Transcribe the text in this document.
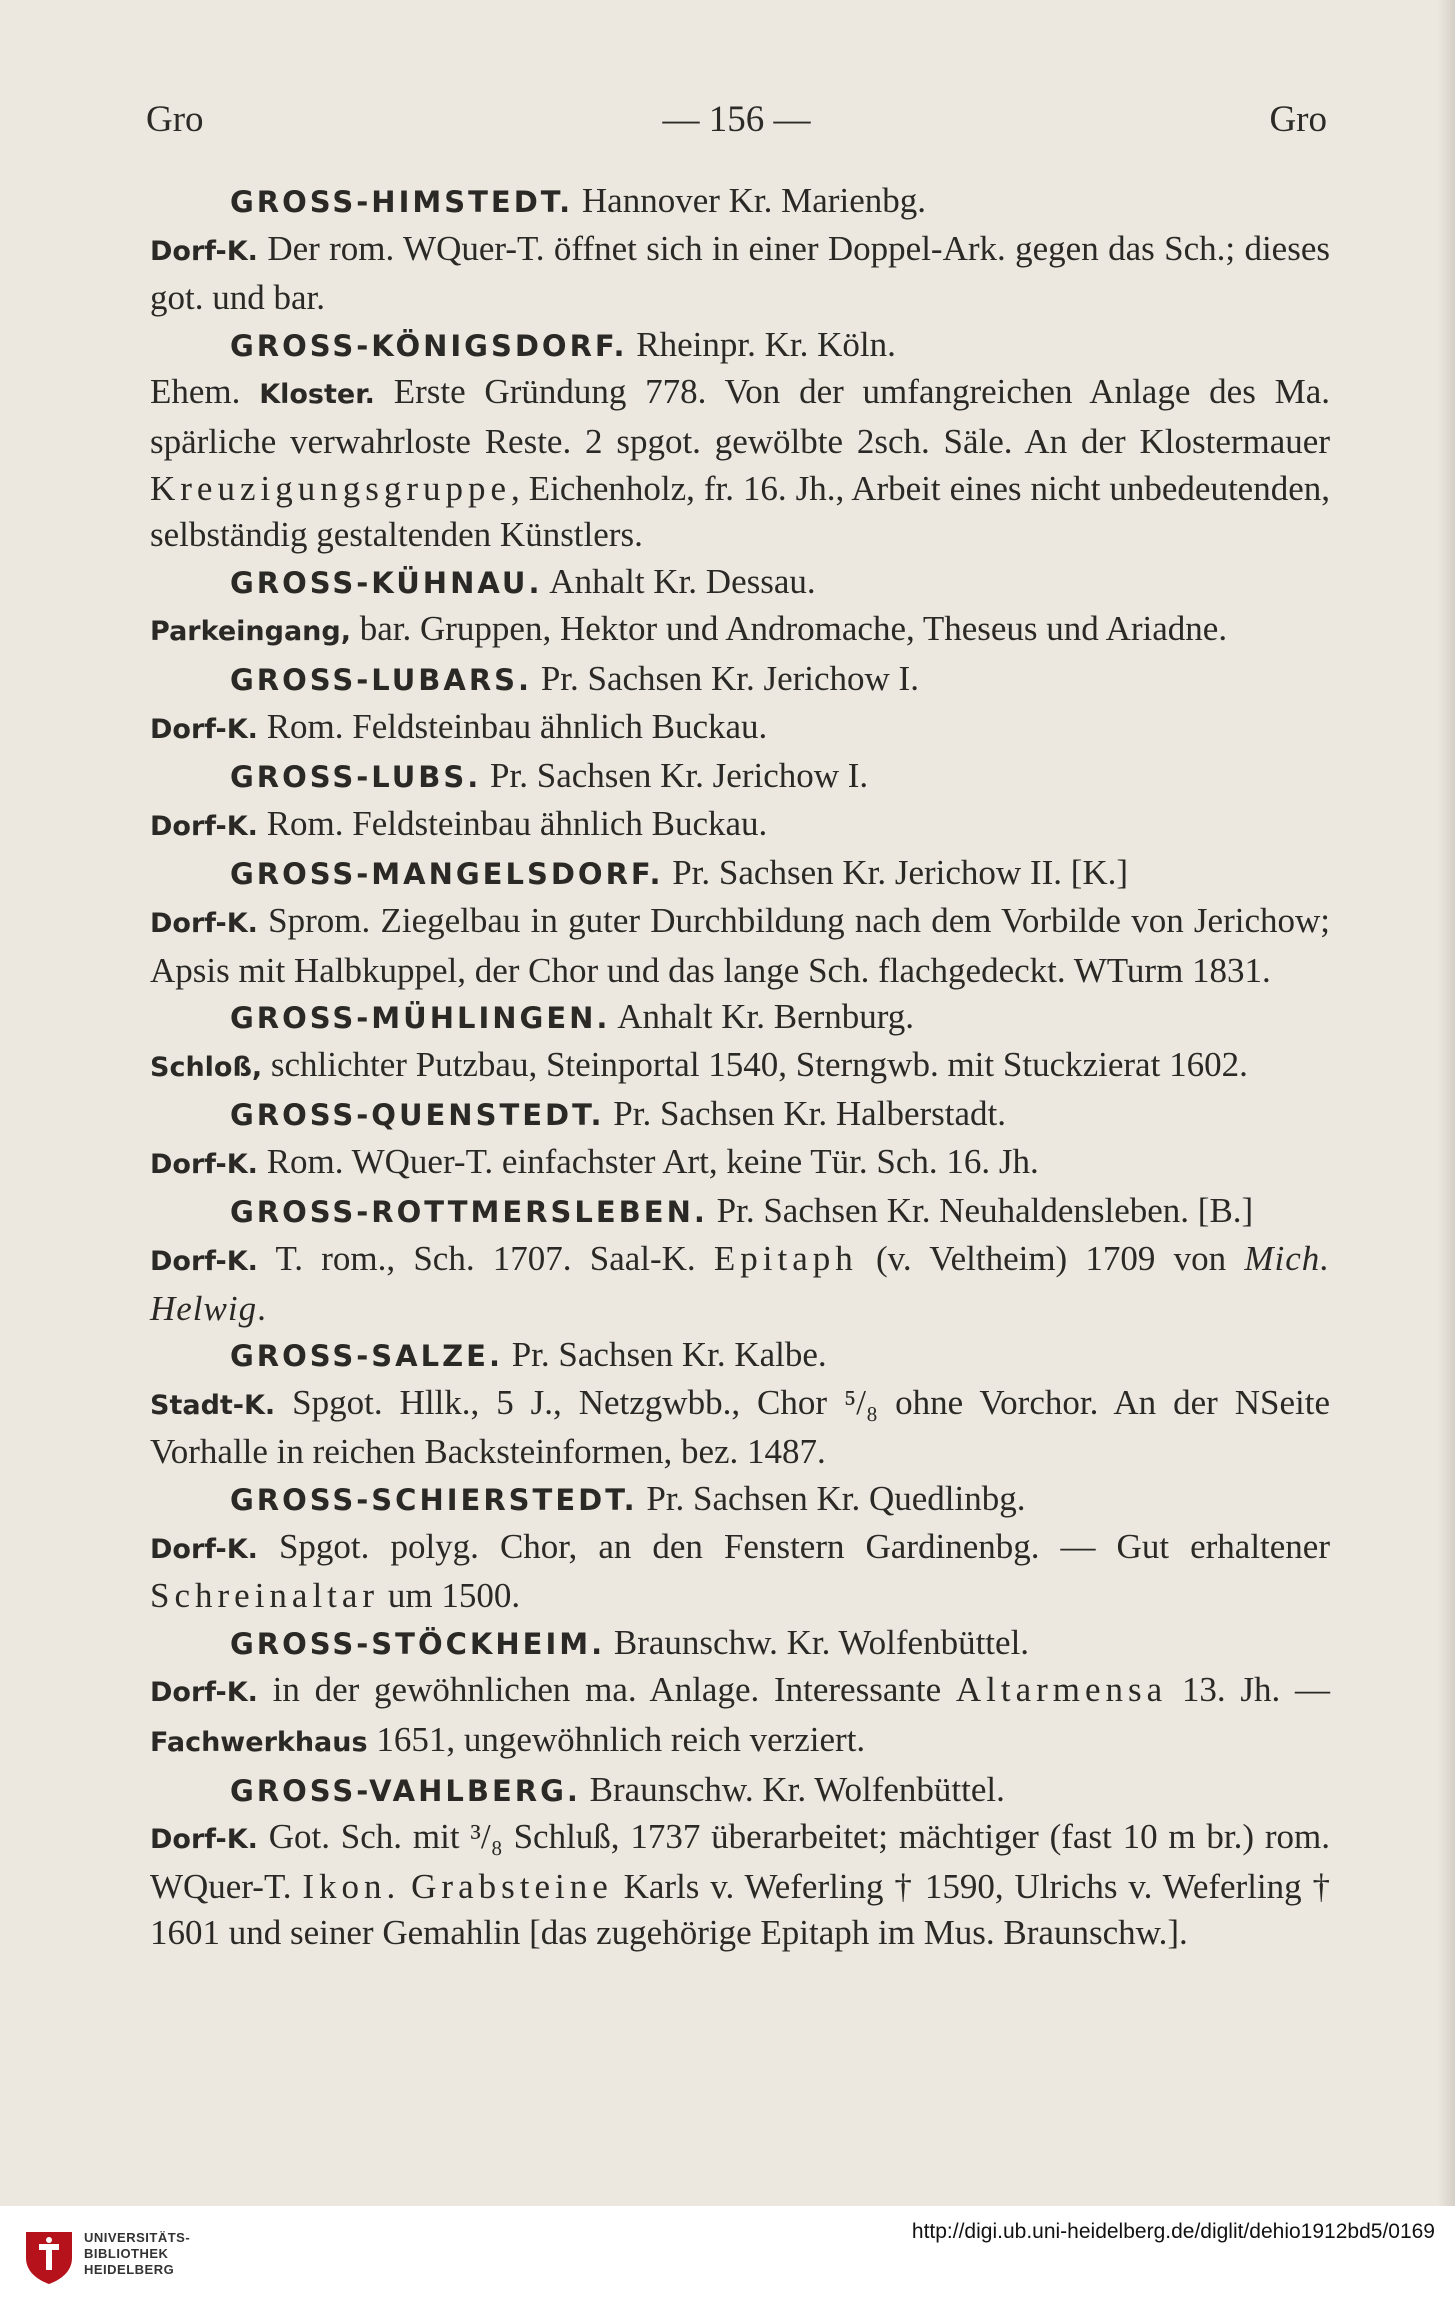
Gro	— 156 —	Gro

GROSS-HIMSTEDT. Hannover Kr. Marienbg.

Dorf-K. Der rom. WQuer-T. öffnet sich in einer Doppel-Ark. gegen das Sch.; dieses got. und bar.

GROSS-KÖNIGSDORF. Rheinpr. Kr. Köln.

Ehem. Kloster. Erste Gründung 778. Von der umfangreichen Anlage des Ma. spärliche verwahrloste Reste. 2 spgot. gewölbte 2sch. Säle. An der Klostermauer Kreuzigungsgruppe, Eichenholz, fr. 16. Jh., Arbeit eines nicht unbedeutenden, selbständig gestaltenden Künstlers.

GROSS-KÜHNAU. Anhalt Kr. Dessau.

Parkeingang, bar. Gruppen, Hektor und Andromache, Theseus und Ariadne.

GROSS-LUBARS. Pr. Sachsen Kr. Jerichow I.

Dorf-K. Rom. Feldsteinbau ähnlich Buckau.

GROSS-LUBS. Pr. Sachsen Kr. Jerichow I.

Dorf-K. Rom. Feldsteinbau ähnlich Buckau.

GROSS-MANGELSDORF. Pr. Sachsen Kr. Jerichow II. [K.]

Dorf-K. Sprom. Ziegelbau in guter Durchbildung nach dem Vorbilde von Jerichow; Apsis mit Halbkuppel, der Chor und das lange Sch. flachgedeckt. WTurm 1831.

GROSS-MÜHLINGEN. Anhalt Kr. Bernburg.

Schloß, schlichter Putzbau, Steinportal 1540, Sterngwb. mit Stuckzierat 1602.

GROSS-QUENSTEDT. Pr. Sachsen Kr. Halberstadt.

Dorf-K. Rom. WQuer-T. einfachster Art, keine Tür. Sch. 16. Jh.

GROSS-ROTTMERSLEBEN. Pr. Sachsen Kr. Neuhaldensleben. [B.]

Dorf-K. T. rom., Sch. 1707. Saal-K. Epitaph (v. Veltheim) 1709 von Mich. Helwig.

GROSS-SALZE. Pr. Sachsen Kr. Kalbe.

Stadt-K. Spgot. Hllk., 5 J., Netzgwbb., Chor ⁵/₈ ohne Vorchor. An der NSeite Vorhalle in reichen Backsteinformen, bez. 1487.

GROSS-SCHIERSTEDT. Pr. Sachsen Kr. Quedlinbg.

Dorf-K. Spgot. polyg. Chor, an den Fenstern Gardinenbg. — Gut erhaltener Schreinaltar um 1500.

GROSS-STÖCKHEIM. Braunschw. Kr. Wolfenbüttel.

Dorf-K. in der gewöhnlichen ma. Anlage. Interessante Altarmensa 13. Jh. — Fachwerkhaus 1651, ungewöhnlich reich verziert.

GROSS-VAHLBERG. Braunschw. Kr. Wolfenbüttel.

Dorf-K. Got. Sch. mit ³/₈ Schluß, 1737 überarbeitet; mächtiger (fast 10 m br.) rom. WQuer-T. Ikon. Grabsteine Karls v. Weferling † 1590, Ulrichs v. Weferling † 1601 und seiner Gemahlin [das zugehörige Epitaph im Mus. Braunschw.].

UNIVERSITÄTS-
BIBLIOTHEK
HEIDELBERG
http://digi.ub.uni-heidelberg.de/diglit/dehio1912bd5/0169
